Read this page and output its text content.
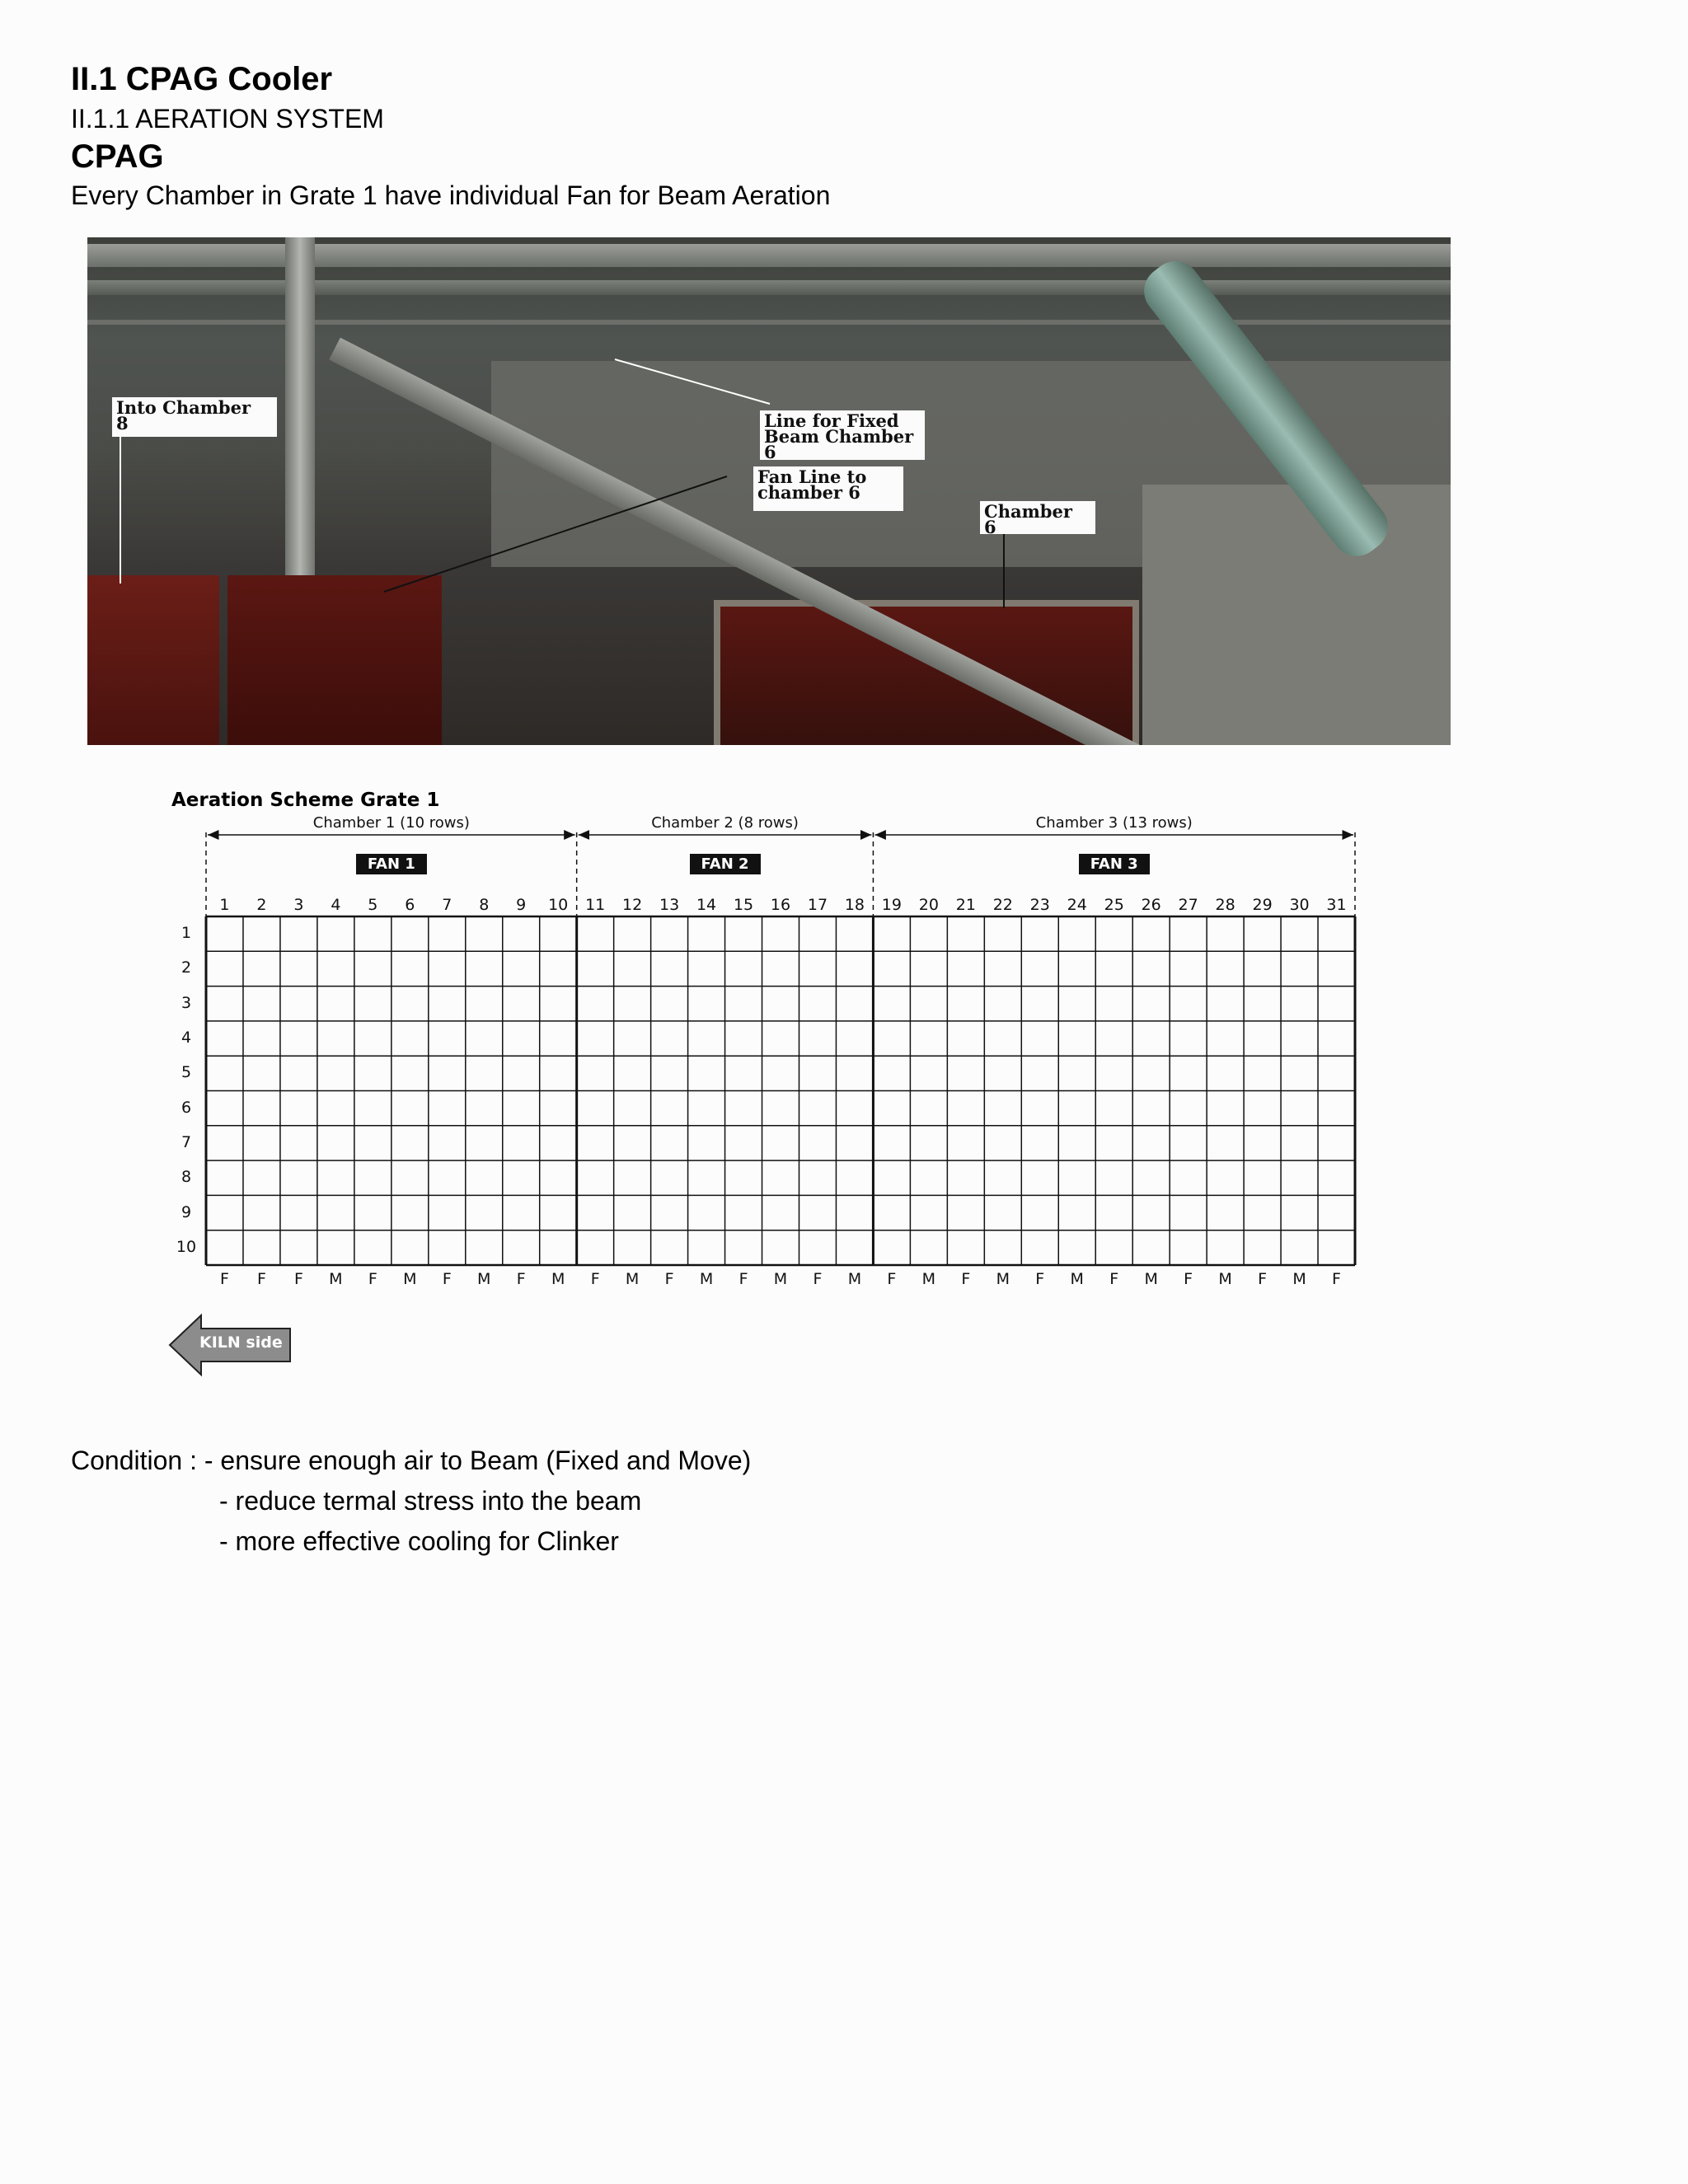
II.1 CPAG Cooler
II.1.1 AERATION SYSTEM
CPAG
Every Chamber in Grate 1 have individual Fan for Beam Aeration
Into Chamber
8	Line for Fixed
Beam Chamber
6
Fan Line to
chamber 6
Chamber
6
Aeration Scheme Grate 1
Chamber 1 (10 rows)
FAN 1
Chamber 2 (8 rows)
FAN 2
Chamber 3 (13 rows)
FAN 3
1
F
2
F
3
F
4
M
5
F
6
M
7
F
8
M
9
F
10
M
11
F
12
M
13
F
14
M
15
F
16
M
17
F
18
M
19
F
20
M
21
F
22
M
23
F
24
M
25
F
26
M
27
F
28
M
29
F
30
M
31
F
1
2
3
4
5
6
7
8
9
10
KILN side
Condition : - ensure enough air to Beam (Fixed and Move)
- reduce termal stress into the beam
- more effective cooling for Clinker
